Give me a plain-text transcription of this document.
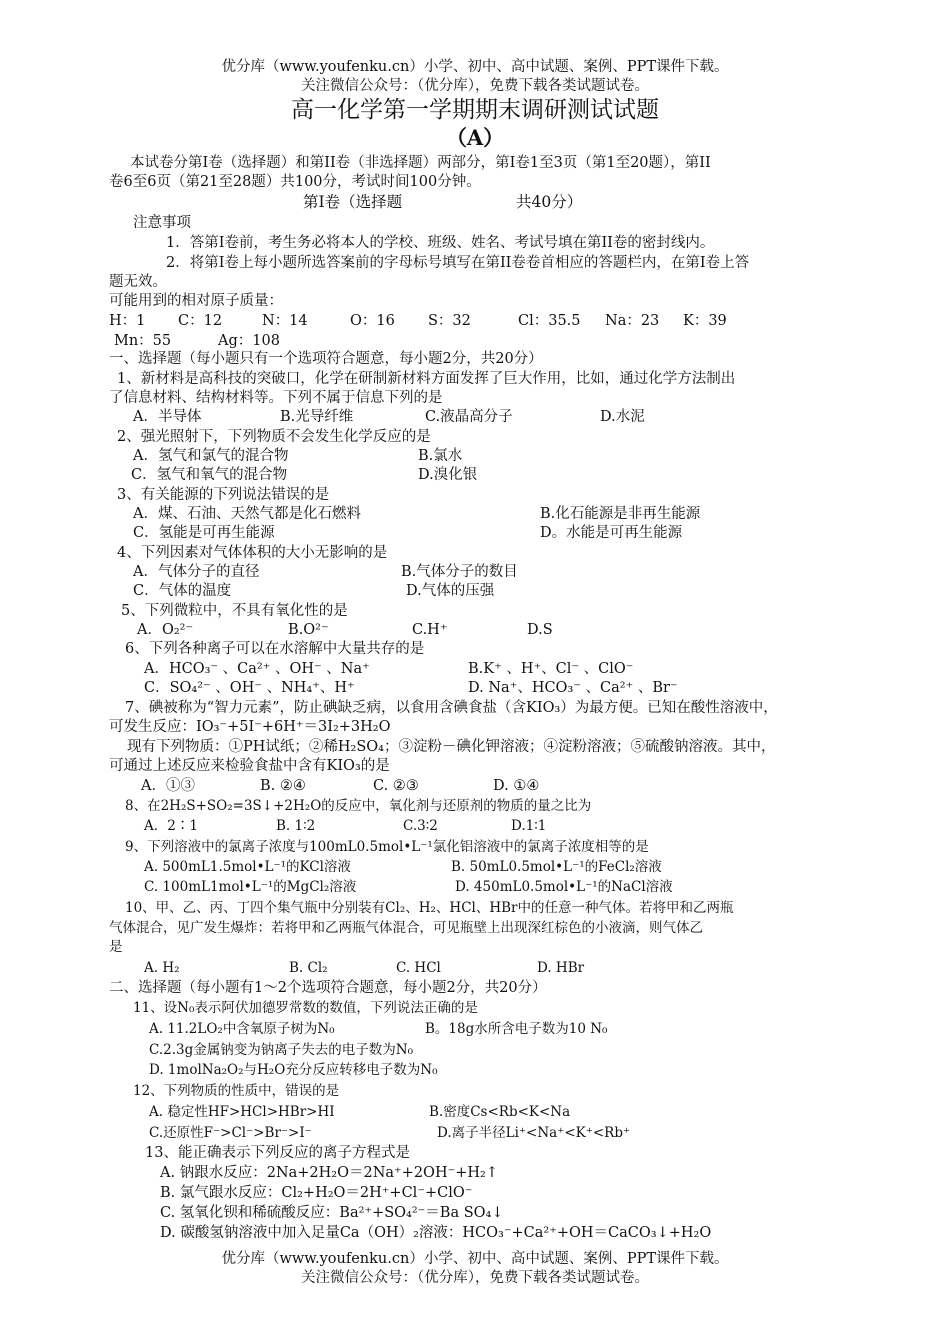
优分库（www.youfenku.cn）小学、初中、高中试题、案例、PPT课件下载。
关注微信公众号：（优分库），免费下载各类试题试卷。
高一化学第一学期期末调研测试试题
（A）
本试卷分第I卷（选择题）和第II卷（非选择题）两部分，第I卷1至3页（第1至20题），第II
卷6至6页（第21至28题）共100分，考试时间100分钟。
第I卷（选择题	共40分）
注意事项
1．答第I卷前，考生务必将本人的学校、班级、姓名、考试号填在第II卷的密封线内。
2．将第I卷上每小题所选答案前的字母标号填写在第II卷卷首相应的答题栏内，在第I卷上答
题无效。
可能用到的相对原子质量：
H：1 C：12	N：14	O：16 S：32	Cl：35.5 Na：23 K：39
Mn：55	Ag：108
一、选择题（每小题只有一个选项符合题意，每小题2分，共20分）
1、新材料是高科技的突破口，化学在研制新材料方面发挥了巨大作用，比如，通过化学方法制出
了信息材料、结构材料等。下列不属于信息下列的是
A．半导体	B.光导纤维	C.液晶高分子	D.水泥
2、强光照射下，下列物质不会发生化学反应的是
A．氢气和氯气的混合物	B.氯水
C．氢气和氧气的混合物	D.溴化银
3、有关能源的下列说法错误的是
A．煤、石油、天然气都是化石燃料	B.化石能源是非再生能源
C．氢能是可再生能源	D。水能是可再生能源
4、下列因素对气体体积的大小无影响的是
A．气体分子的直径	B.气体分子的数目
C．气体的温度	D.气体的压强
5、下列微粒中，不具有氧化性的是
A．O₂²⁻	B.O²⁻	C.H⁺	D.S
6、下列各种离子可以在水溶解中大量共存的是
A．HCO₃⁻ 、Ca²⁺ 、OH⁻ 、Na⁺	B.K⁺ 、H⁺、Cl⁻ 、ClO⁻
C．SO₄²⁻ 、OH⁻ 、NH₄⁺、H⁺	D. Na⁺、HCO₃⁻ 、Ca²⁺ 、Br⁻
7、碘被称为“智力元素”，防止碘缺乏病，以食用含碘食盐（含KIO₃）为最方便。已知在酸性溶液中，
可发生反应：IO₃⁻+5I⁻+6H⁺＝3I₂+3H₂O
现有下列物质：①PH试纸；②稀H₂SO₄；③淀粉－碘化钾溶液；④淀粉溶液；⑤硫酸钠溶液。其中，
可通过上述反应来检验食盐中含有KIO₃的是
A．①③	B. ②④	C. ②③	D. ①④
8、在2H₂S+SO₂=3S↓+2H₂O的反应中，氧化剂与还原剂的物质的量之比为
A．2∶1	B. 1∶2	C.3∶2	D.1∶1
9、下列溶液中的氯离子浓度与100mL0.5mol•L⁻¹氯化铝溶液中的氯离子浓度相等的是
A. 500mL1.5mol•L⁻¹的KCl溶液	B. 50mL0.5mol•L⁻¹的FeCl₂溶液
C. 100mL1mol•L⁻¹的MgCl₂溶液	D. 450mL0.5mol•L⁻¹的NaCl溶液
10、甲、乙、丙、丁四个集气瓶中分别装有Cl₂、H₂、HCl、HBr中的任意一种气体。若将甲和乙两瓶
气体混合，见广发生爆炸：若将甲和乙两瓶气体混合，可见瓶壁上出现深红棕色的小液滴，则气体乙
是
A. H₂	B. Cl₂	C. HCl	D. HBr
二、选择题（每小题有1～2个选项符合题意，每小题2分，共20分）
11、设N₀表示阿伏加德罗常数的数值，下列说法正确的是
A. 11.2LO₂中含氧原子树为N₀	B。18g水所含电子数为10 N₀
C.2.3g金属钠变为钠离子失去的电子数为N₀
D. 1molNa₂O₂与H₂O充分反应转移电子数为N₀
12、下列物质的性质中，错误的是
A. 稳定性HF>HCl>HBr>HI	B.密度Cs<Rb<K<Na
C.还原性F⁻>Cl⁻>Br⁻>I⁻	D.离子半径Li⁺<Na⁺<K⁺<Rb⁺
13、能正确表示下列反应的离子方程式是
A. 钠跟水反应：2Na+2H₂O＝2Na⁺+2OH⁻+H₂↑
B. 氯气跟水反应：Cl₂+H₂O＝2H⁺+Cl⁻+ClO⁻
C. 氢氧化钡和稀硫酸反应：Ba²⁺+SO₄²⁻＝Ba SO₄↓
D. 碳酸氢钠溶液中加入足量Ca（OH）₂溶液：HCO₃⁻+Ca²⁺+OH＝CaCO₃↓+H₂O
优分库（www.youfenku.cn）小学、初中、高中试题、案例、PPT课件下载。
关注微信公众号：（优分库），免费下载各类试题试卷。
